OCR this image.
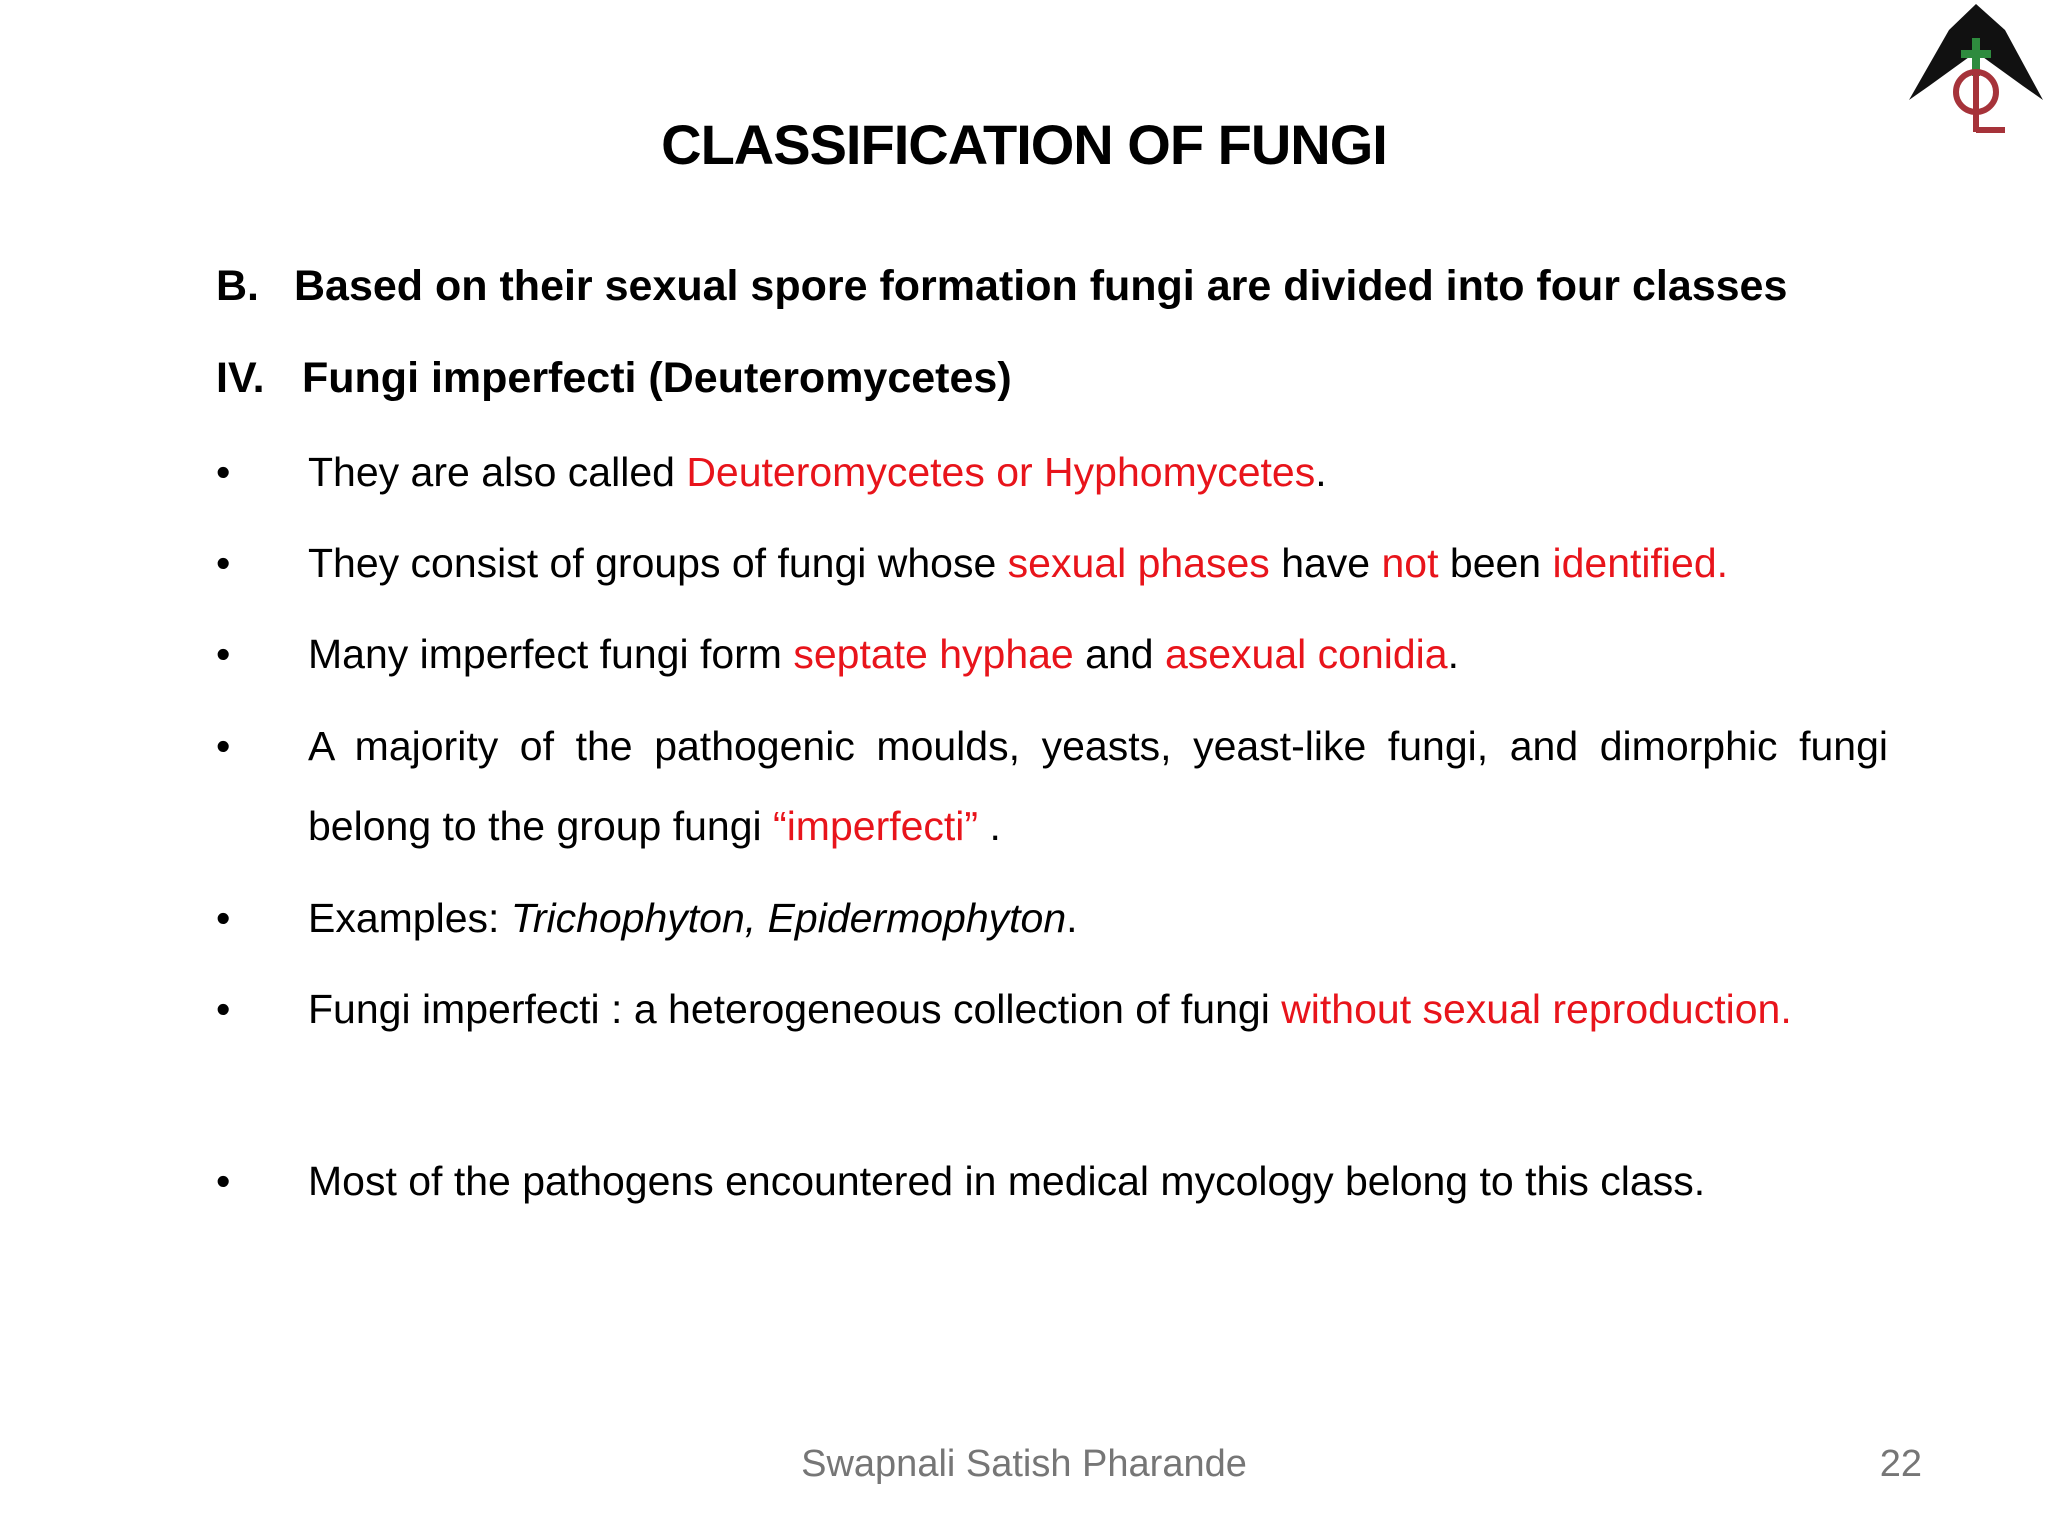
CLASSIFICATION OF FUNGI
B. Based on their sexual spore formation fungi are divided into four classes
IV. Fungi imperfecti (Deuteromycetes)
•	They are also called Deuteromycetes or Hyphomycetes.
•	They consist of groups of fungi whose sexual phases have not been identified.
•	Many imperfect fungi form septate hyphae and asexual conidia.
•	A majority of the pathogenic moulds, yeasts, yeast-like fungi, and dimorphic fungi belong to the group fungi “imperfecti” .
•	Examples: Trichophyton, Epidermophyton.
•	Fungi imperfecti : a heterogeneous collection of fungi without sexual reproduction.
•	Most of the pathogens encountered in medical mycology belong to this class.
Swapnali Satish Pharande	22
